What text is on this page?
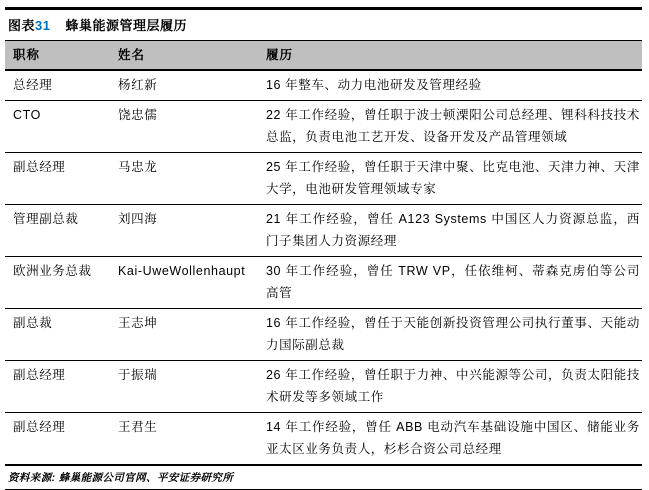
图表31 蜂巢能源管理层履历
职称	姓名	履历
总经理	杨红新	16 年整车、动力电池研发及管理经验
CTO	饶忠儒	22 年工作经验，曾任职于波士顿溧阳公司总经理、锂科科技技术总监，负责电池工艺开发、设备开发及产品管理领域
副总经理	马忠龙	25 年工作经验，曾任职于天津中聚、比克电池、天津力神、天津大学，电池研发管理领域专家
管理副总裁	刘四海	21 年工作经验，曾任 A123 Systems 中国区人力资源总监，西门子集团人力资源经理
欧洲业务总裁	Kai-UweWollenhaupt	30 年工作经验，曾任 TRW VP，任依维柯、蒂森克虏伯等公司高管
副总裁	王志坤	16 年工作经验，曾任于天能创新投资管理公司执行董事、天能动力国际副总裁
副总经理	于振瑞	26 年工作经验，曾任职于力神、中兴能源等公司，负责太阳能技术研发等多领域工作
副总经理	王君生	14 年工作经验，曾任 ABB 电动汽车基础设施中国区、储能业务亚太区业务负责人，杉杉合资公司总经理
资料来源: 蜂巢能源公司官网、平安证券研究所
